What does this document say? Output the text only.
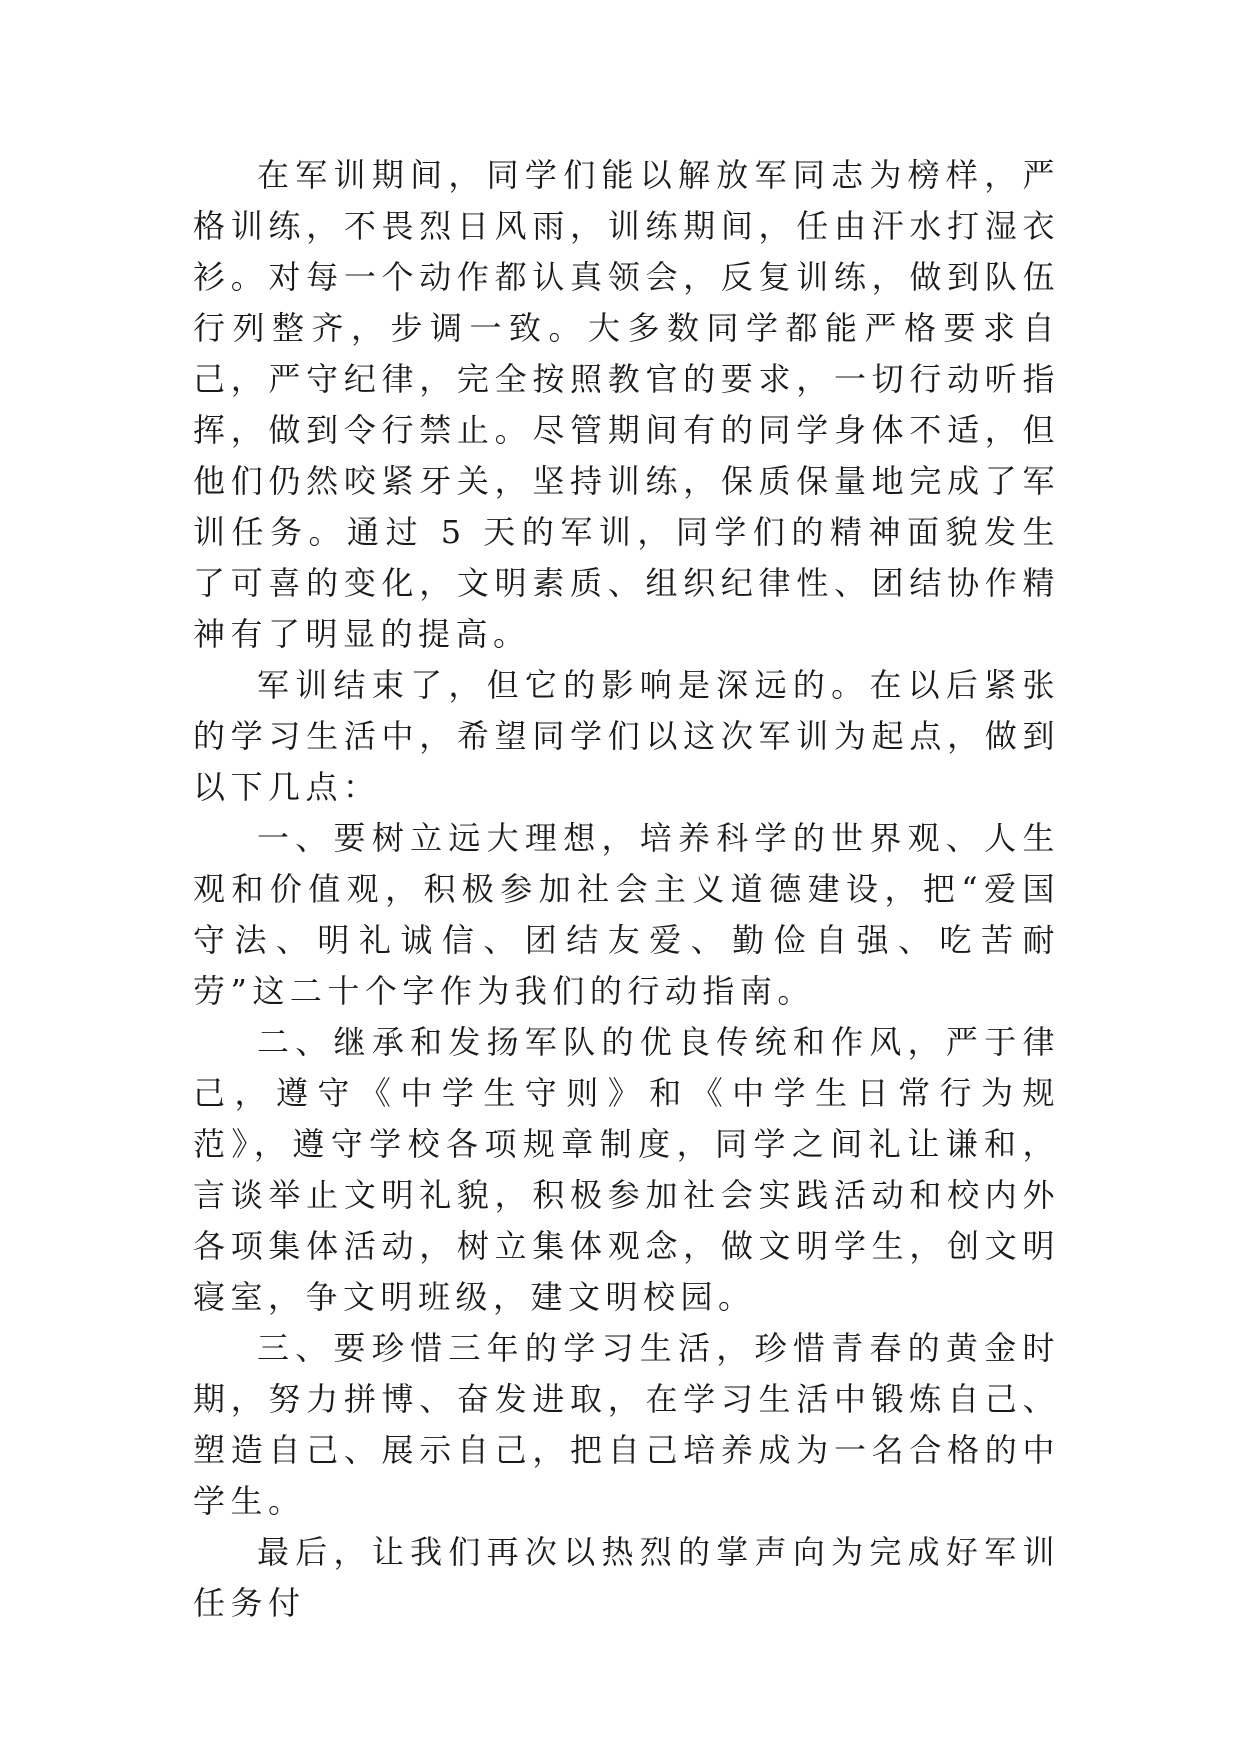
在军训期间，同学们能以解放军同志为榜样，严格训练，不畏烈日风雨，训练期间，任由汗水打湿衣衫。对每一个动作都认真领会，反复训练，做到队伍行列整齐，步调一致。大多数同学都能严格要求自己，严守纪律，完全按照教官的要求，一切行动听指挥，做到令行禁止。尽管期间有的同学身体不适，但他们仍然咬紧牙关，坚持训练，保质保量地完成了军训任务。通过 5 天的军训，同学们的精神面貌发生了可喜的变化，文明素质、组织纪律性、团结协作精神有了明显的提高。

军训结束了，但它的影响是深远的。在以后紧张的学习生活中，希望同学们以这次军训为起点，做到以下几点：

一、要树立远大理想，培养科学的世界观、人生观和价值观，积极参加社会主义道德建设，把“爱国守法、明礼诚信、团结友爱、勤俭自强、吃苦耐劳”这二十个字作为我们的行动指南。

二、继承和发扬军队的优良传统和作风，严于律己，遵守《中学生守则》和《中学生日常行为规范》，遵守学校各项规章制度，同学之间礼让谦和，言谈举止文明礼貌，积极参加社会实践活动和校内外各项集体活动，树立集体观念，做文明学生，创文明寝室，争文明班级，建文明校园。

三、要珍惜三年的学习生活，珍惜青春的黄金时期，努力拼博、奋发进取，在学习生活中锻炼自己、塑造自己、展示自己，把自己培养成为一名合格的中学生。

最后，让我们再次以热烈的掌声向为完成好军训任务付
